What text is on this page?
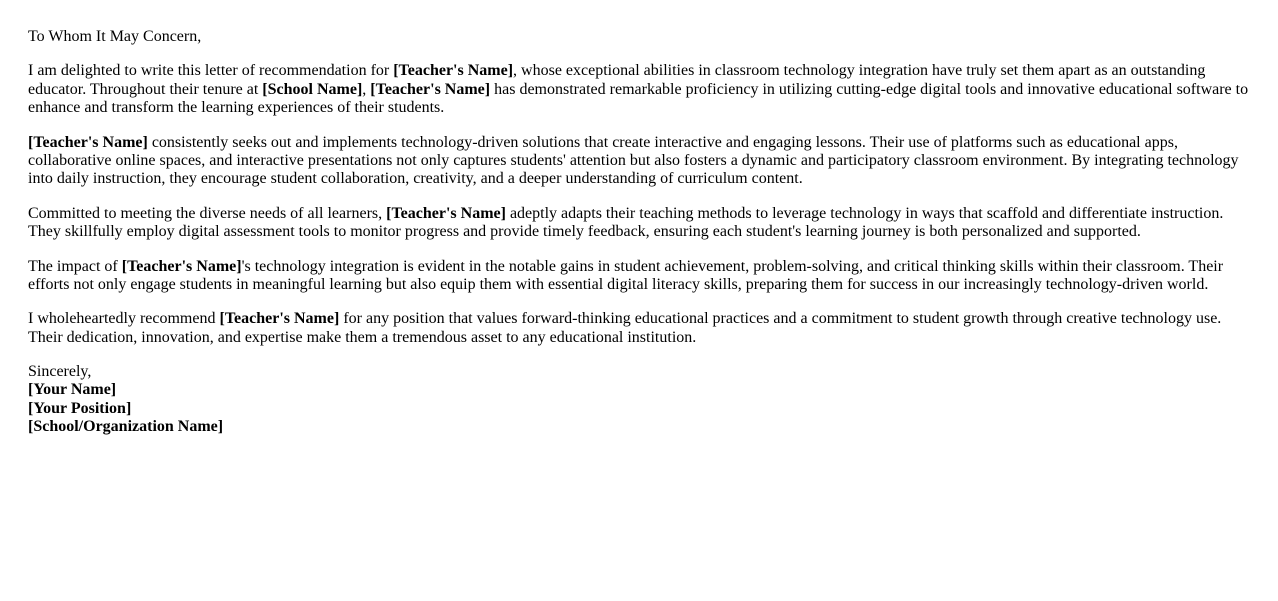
To Whom It May Concern,

I am delighted to write this letter of recommendation for [Teacher's Name], whose exceptional abilities in classroom technology integration have truly set them apart as an outstanding educator. Throughout their tenure at [School Name], [Teacher's Name] has demonstrated remarkable proficiency in utilizing cutting-edge digital tools and innovative educational software to enhance and transform the learning experiences of their students.

[Teacher's Name] consistently seeks out and implements technology-driven solutions that create interactive and engaging lessons. Their use of platforms such as educational apps, collaborative online spaces, and interactive presentations not only captures students' attention but also fosters a dynamic and participatory classroom environment. By integrating technology into daily instruction, they encourage student collaboration, creativity, and a deeper understanding of curriculum content.

Committed to meeting the diverse needs of all learners, [Teacher's Name] adeptly adapts their teaching methods to leverage technology in ways that scaffold and differentiate instruction. They skillfully employ digital assessment tools to monitor progress and provide timely feedback, ensuring each student's learning journey is both personalized and supported.

The impact of [Teacher's Name]'s technology integration is evident in the notable gains in student achievement, problem-solving, and critical thinking skills within their classroom. Their efforts not only engage students in meaningful learning but also equip them with essential digital literacy skills, preparing them for success in our increasingly technology-driven world.

I wholeheartedly recommend [Teacher's Name] for any position that values forward-thinking educational practices and a commitment to student growth through creative technology use. Their dedication, innovation, and expertise make them a tremendous asset to any educational institution.

Sincerely,
[Your Name]
[Your Position]
[School/Organization Name]
